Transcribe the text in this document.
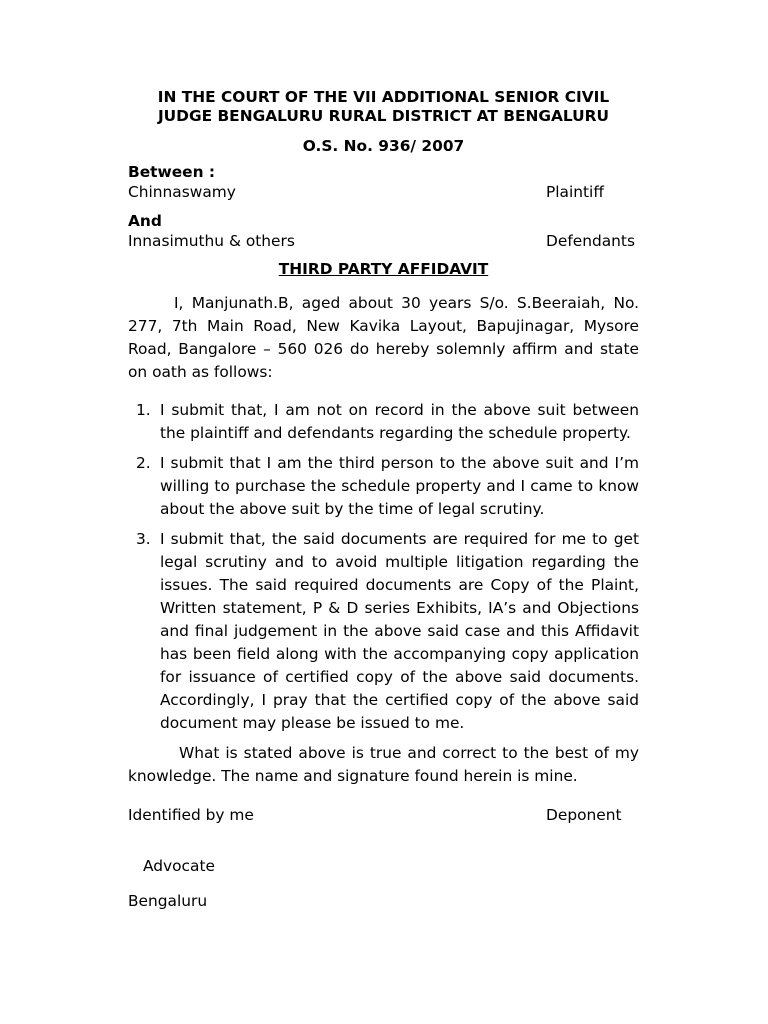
IN THE COURT OF THE VII ADDITIONAL SENIOR CIVIL
JUDGE BENGALURU RURAL DISTRICT AT BENGALURU

O.S. No. 936/ 2007
Between :
Chinnaswamy	Plaintiff
And
Innasimuthu & others	Defendants
THIRD PARTY AFFIDAVIT

I, Manjunath.B, aged about 30 years S/o. S.Beeraiah, No. 277, 7th Main Road, New Kavika Layout, Bapujinagar, Mysore Road, Bangalore – 560 026 do hereby solemnly affirm and state on oath as follows:

1. I submit that, I am not on record in the above suit between the plaintiff and defendants regarding the schedule property.
2. I submit that I am the third person to the above suit and I’m willing to purchase the schedule property and I came to know about the above suit by the time of legal scrutiny.
3. I submit that, the said documents are required for me to get legal scrutiny and to avoid multiple litigation regarding the issues. The said required documents are Copy of the Plaint, Written statement, P & D series Exhibits, IA’s and Objections and final judgement in the above said case and this Affidavit has been field along with the accompanying copy application for issuance of certified copy of the above said documents. Accordingly, I pray that the certified copy of the above said document may please be issued to me.

What is stated above is true and correct to the best of my knowledge. The name and signature found herein is mine.

Identified by me	Deponent
Advocate
Bengaluru
